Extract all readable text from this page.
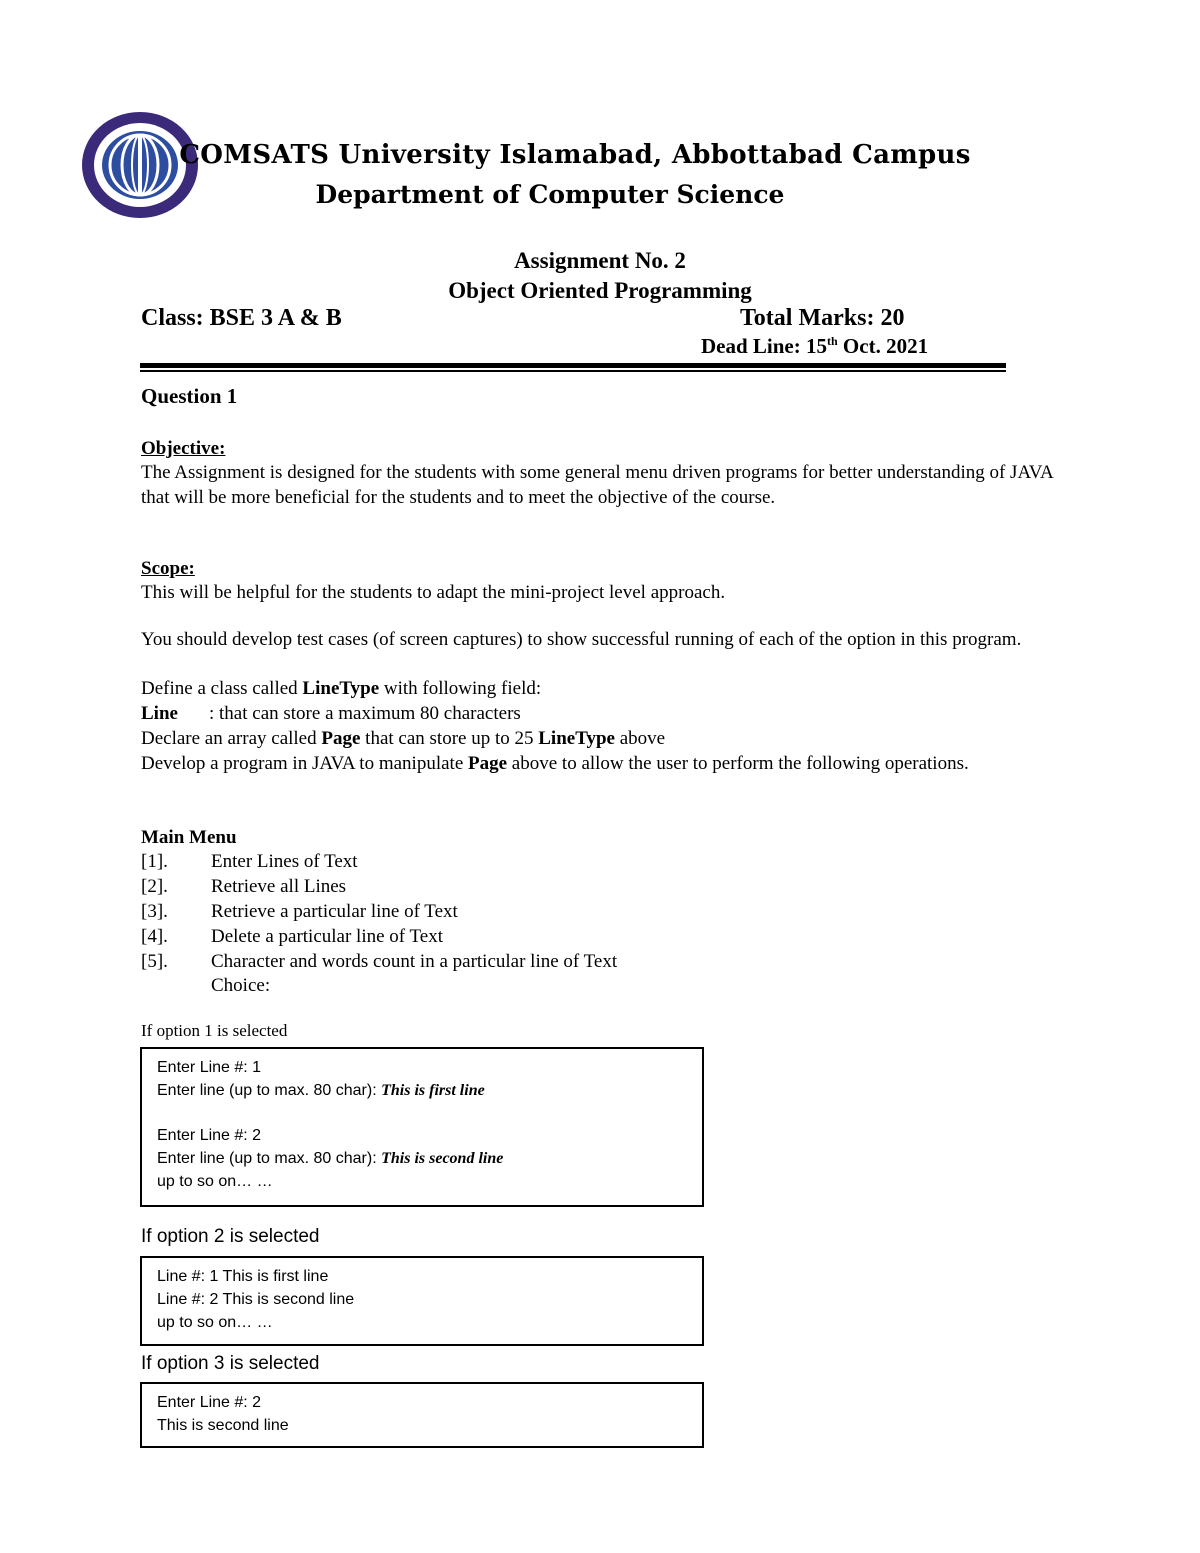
COMSATS University Islamabad, Abbottabad Campus
Department of Computer Science
Assignment No. 2
Object Oriented Programming
Class: BSE 3 A & B	Total Marks: 20
Dead Line: 15th Oct. 2021
Question 1
Objective:
The Assignment is designed for the students with some general menu driven programs for better understanding of JAVA that will be more beneficial for the students and to meet the objective of the course.
Scope:
This will be helpful for the students to adapt the mini-project level approach.
You should develop test cases (of screen captures) to show successful running of each of the option in this program.
Define a class called LineType with following field:
Line : that can store a maximum 80 characters
Declare an array called Page that can store up to 25 LineType above
Develop a program in JAVA to manipulate Page above to allow the user to perform the following operations.
Main Menu
[1]. Enter Lines of Text
[2]. Retrieve all Lines
[3]. Retrieve a particular line of Text
[4]. Delete a particular line of Text
[5]. Character and words count in a particular line of Text
Choice:
If option 1 is selected
Enter Line #: 1
Enter line (up to max. 80 char): This is first line
Enter Line #: 2
Enter line (up to max. 80 char): This is second line
up to so on… …
If option 2 is selected
Line #: 1 This is first line
Line #: 2 This is second line
up to so on… …
If option 3 is selected
Enter Line #: 2
This is second line
